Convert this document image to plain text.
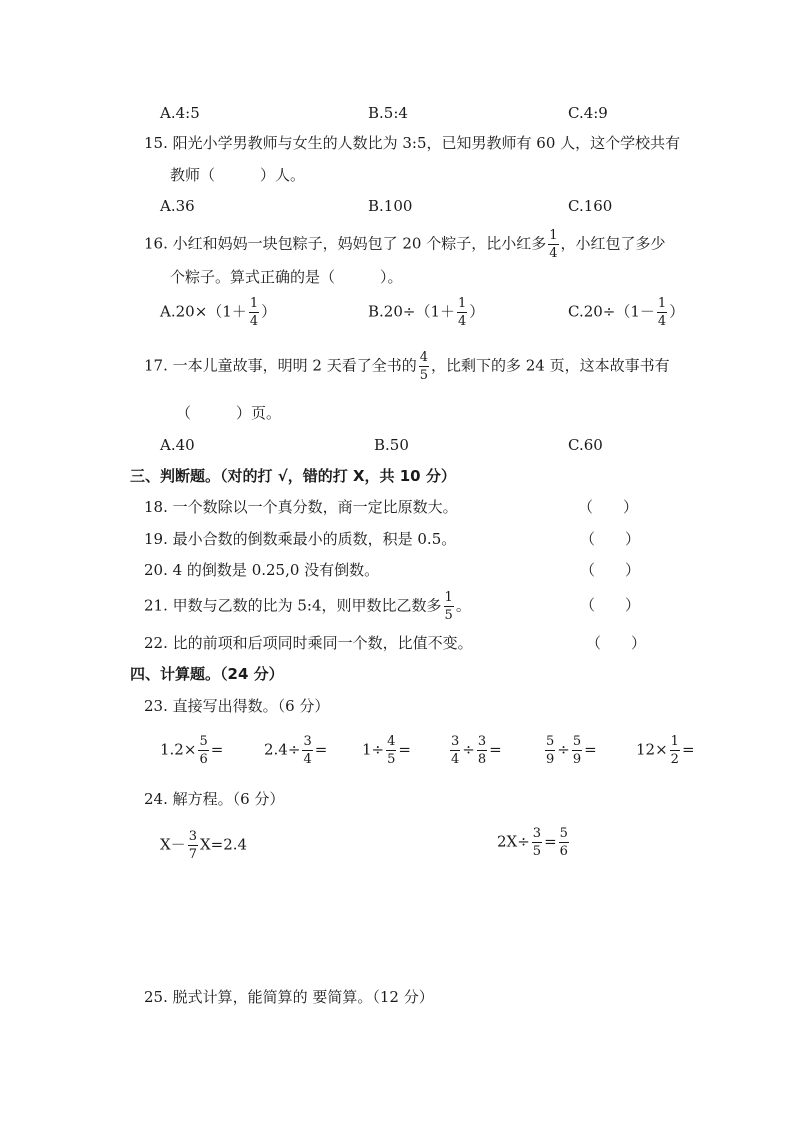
A.4:5	B.5:4	C.4:9
15. 阳光小学男教师与女生的人数比为 3:5，已知男教师有 60 人，这个学校共有
教师（　　　）人。
A.36	B.100	C.160
16. 小红和妈妈一块包粽子，妈妈包了 20 个粽子，比小红多 $\frac{1}{4}$ ，小红包了多少
个粽子。算式正确的是（　　　）。
$A.20\times(1+ \frac{1}{4}$ ）	$B.20\div(1+ \frac{1}{4}$ ）	$C.20\div(1- \frac{1}{4}$ ）
17. 一本儿童故事，明明 2 天看了全书的 $\frac{4}{5}$ ，比剩下的多 24 页，这本故事书有
（　　　）页。
A.40	B.50	C.60
三、判断题。（对的打 √，错的打 X，共 10 分）
18. 一个数除以一个真分数，商一定比原数大。	（　　）
19. 最小合数的倒数乘最小的质数，积是 0.5。	（　　）
20. 4 的倒数是 0.25,0 没有倒数。	（　　）
21. 甲数与乙数的比为 5:4，则甲数比乙数多 $\frac{1}{5}$ 。	（　　）
22. 比的前项和后项同时乘同一个数，比值不变。	（　　）
四、计算题。（24 分）
23. 直接写出得数。（6 分）
$1.2\times \frac{5}{6}$ =	$2.4\div \frac{3}{4} = 1\div \frac{4}{5}$ =	$\frac{3}{4} \div \frac{3}{8}$ =	$\frac{5}{9} \div \frac{5}{9}$ =	$12\times \frac{1}{2}$ =
24. 解方程。（6 分）
$X- \frac{3}{7} X=2.4$	$2X\div \frac{3}{5} = \frac{5}{6}$
25. 脱式计算，能简算的 要简算。（12 分）
